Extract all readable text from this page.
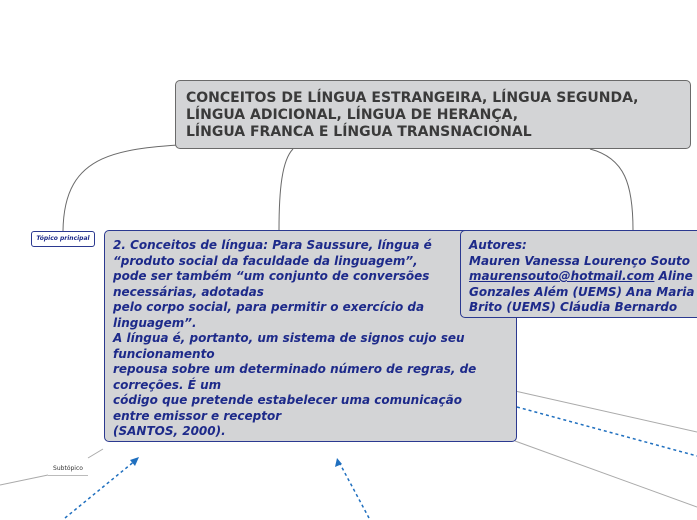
CONCEITOS DE LÍNGUA ESTRANGEIRA, LÍNGUA SEGUNDA,
LÍNGUA ADICIONAL, LÍNGUA DE HERANÇA,
LÍNGUA FRANCA E LÍNGUA TRANSNACIONAL
Tópico principal	2. Conceitos de língua: Para Saussure, língua é
“produto social da faculdade da linguagem”,
pode ser também “um conjunto de conversões
necessárias, adotadas
pelo corpo social, para permitir o exercício da
linguagem”.
A língua é, portanto, um sistema de signos cujo seu
funcionamento
repousa sobre um determinado número de regras, de
correções. É um
código que pretende estabelecer uma comunicação
entre emissor e receptor
(SANTOS, 2000).
Autores:
Mauren Vanessa Lourenço Souto
maurensouto@hotmail.com Aline
Gonzales Além (UEMS) Ana Maria
Brito (UEMS) Cláudia Bernardo
Subtópico
